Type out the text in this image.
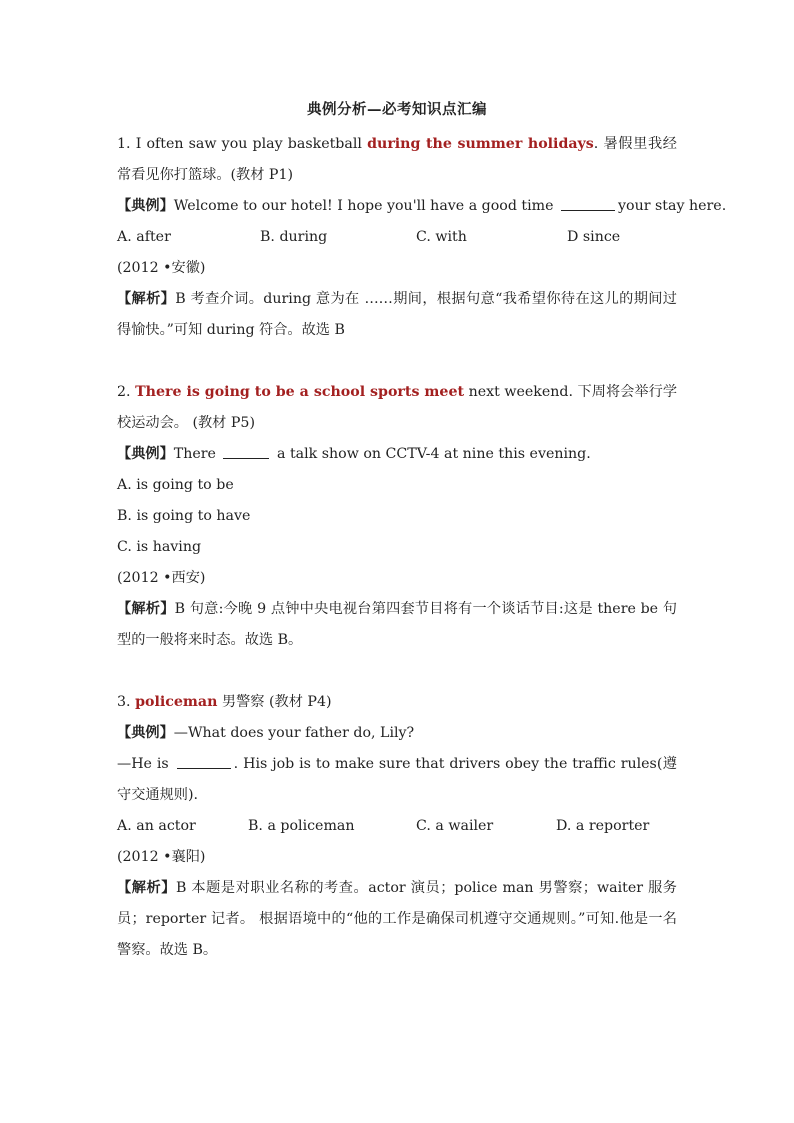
典例分析—必考知识点汇编

1. I often saw you play basketball during the summer holidays. 暑假里我经常看见你打篮球。(教材 P1)

【典例】Welcome to our hotel! I hope you'll have a good time	your stay here.

A. after	B. during	C. with	D since

(2012 •安徽)

【解析】B 考查介词。during 意为在 ……期间，根据句意“我希望你待在这儿的期间过得愉快。”可知 during 符合。故选 B

2. There is going to be a school sports meet next weekend. 下周将会举行学校运动会。 (教材 P5)

【典例】There	a talk show on CCTV-4 at nine this evening.

A. is going to be

B. is going to have

C. is having

(2012 •西安)

【解析】B 句意:今晚 9 点钟中央电视台第四套节目将有一个谈话节目:这是 there be 句型的一般将来时态。故选 B。

3. policeman 男警察 (教材 P4)

【典例】—What does your father do, Lily?

—He is	. His job is to make sure that drivers obey the traffic rules(遵守交通规则).

A. an actor	B. a policeman	C. a wailer	D. a reporter

(2012 •襄阳)

【解析】B 本题是对职业名称的考查。actor 演员；police man 男警察；waiter 服务员；reporter 记者。 根据语境中的“他的工作是确保司机遵守交通规则。”可知.他是一名警察。故选 B。
